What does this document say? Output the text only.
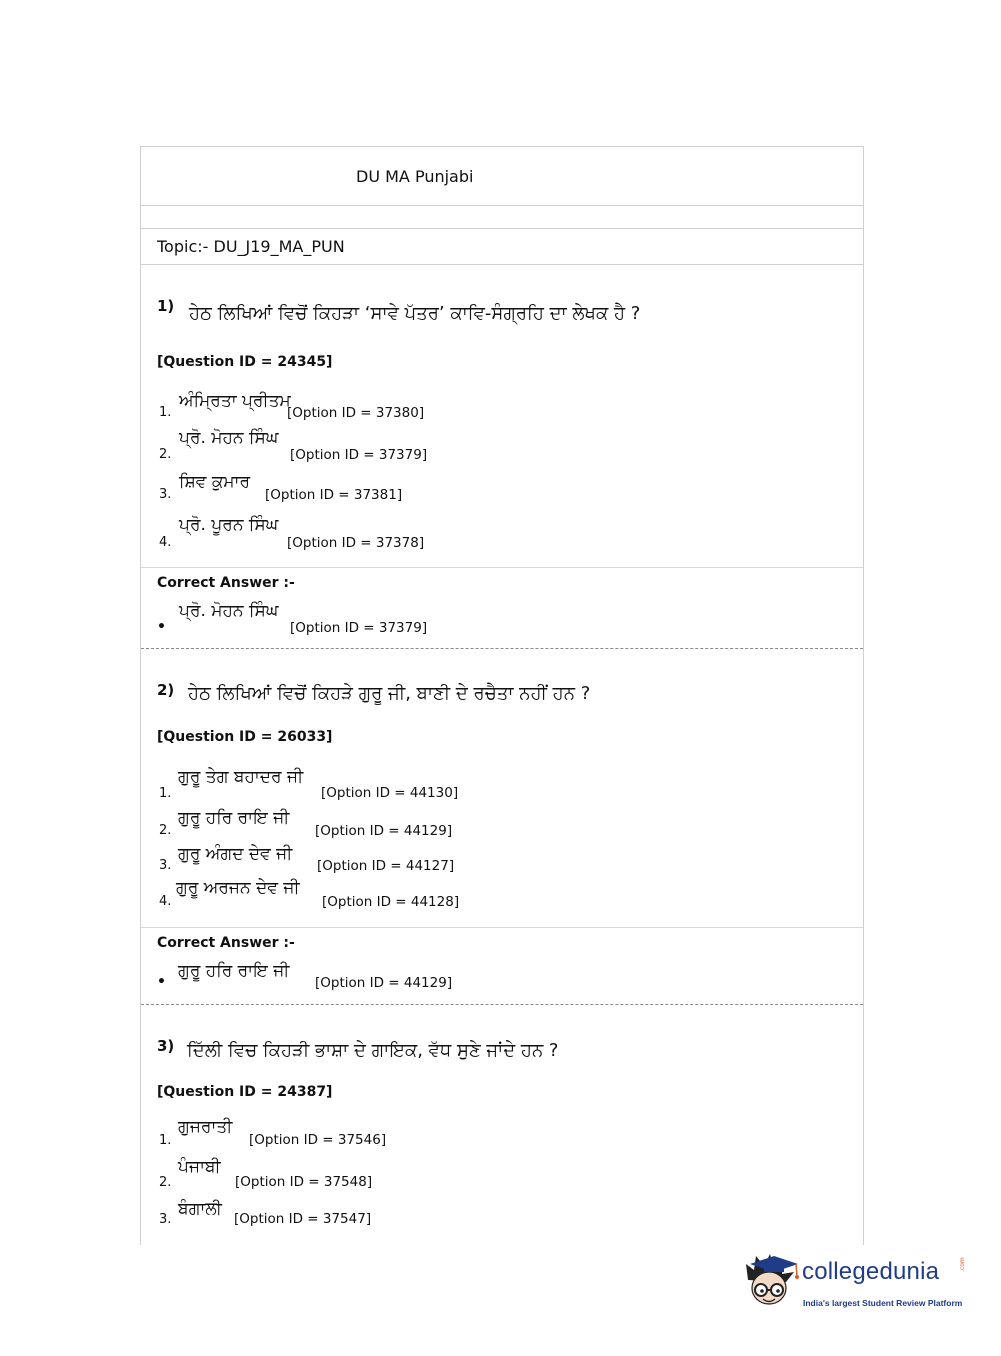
DU MA Punjabi
Topic:- DU_J19_MA_PUN
1) ਹੇਠ ਲਿਖਿਆਂ ਵਿਚੋਂ ਕਿਹੜਾ ‘ਸਾਵੇ ਪੱਤਰ’ ਕਾਵਿ-ਸੰਗ੍ਰਹਿ ਦਾ ਲੇਖਕ ਹੈ ?
[Question ID = 24345]
1.
ਅੰਮ੍ਰਿਤਾ ਪ੍ਰੀਤਮ
[Option ID = 37380]
2.
ਪ੍ਰੋ. ਮੋਹਨ ਸਿੰਘ
[Option ID = 37379]
3.
ਸ਼ਿਵ ਕੁਮਾਰ
[Option ID = 37381]
4.
ਪ੍ਰੋ. ਪੂਰਨ ਸਿੰਘ
[Option ID = 37378]
Correct Answer :-
•
ਪ੍ਰੋ. ਮੋਹਨ ਸਿੰਘ
[Option ID = 37379]
2) ਹੇਠ ਲਿਖਿਆਂ ਵਿਚੋਂ ਕਿਹੜੇ ਗੁਰੂ ਜੀ, ਬਾਣੀ ਦੇ ਰਚੈਤਾ ਨਹੀਂ ਹਨ ?
[Question ID = 26033]
1.
ਗੁਰੂ ਤੇਗ ਬਹਾਦਰ ਜੀ
[Option ID = 44130]
2.
ਗੁਰੂ ਹਰਿ ਰਾਇ ਜੀ
[Option ID = 44129]
3.
ਗੁਰੂ ਅੰਗਦ ਦੇਵ ਜੀ
[Option ID = 44127]
4.
ਗੁਰੂ ਅਰਜਨ ਦੇਵ ਜੀ
[Option ID = 44128]
Correct Answer :-
•
ਗੁਰੂ ਹਰਿ ਰਾਇ ਜੀ
[Option ID = 44129]
3) ਦਿੱਲੀ ਵਿਚ ਕਿਹੜੀ ਭਾਸ਼ਾ ਦੇ ਗਾਇਕ, ਵੱਧ ਸੁਣੇ ਜਾਂਦੇ ਹਨ ?
[Question ID = 24387]
1.
ਗੁਜਰਾਤੀ
[Option ID = 37546]
2.
ਪੰਜਾਬੀ
[Option ID = 37548]
3.
ਬੰਗਾਲੀ [Option ID = 37547]
collegedunia	.com
India's largest Student Review Platform
